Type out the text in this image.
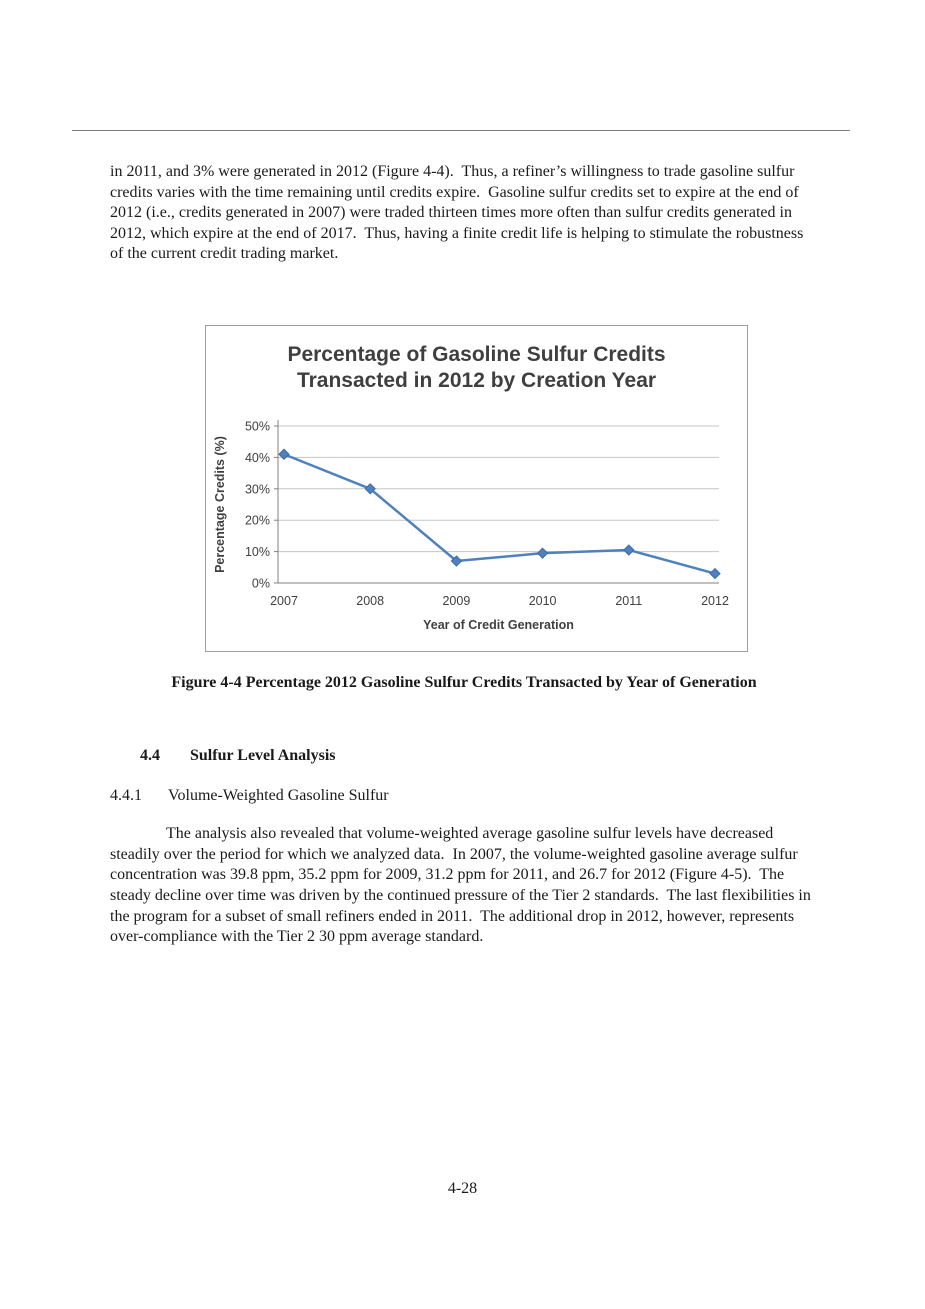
in 2011, and 3% were generated in 2012 (Figure 4-4).  Thus, a refiner’s willingness to trade gasoline sulfur credits varies with the time remaining until credits expire.  Gasoline sulfur credits set to expire at the end of 2012 (i.e., credits generated in 2007) were traded thirteen times more often than sulfur credits generated in 2012, which expire at the end of 2017.  Thus, having a finite credit life is helping to stimulate the robustness of the current credit trading market.

Percentage of Gasoline Sulfur Credits
Transacted in 2012 by Creation Year
0%
10%
20%
30%
40%
50%
2007	2008	2009	2010	2011	2012
Year of Credit Generation
Percentage Credits (%)

Figure 4-4 Percentage 2012 Gasoline Sulfur Credits Transacted by Year of Generation

4.4 Sulfur Level Analysis
4.4.1 Volume-Weighted Gasoline Sulfur

The analysis also revealed that volume-weighted average gasoline sulfur levels have decreased steadily over the period for which we analyzed data.  In 2007, the volume-weighted gasoline average sulfur concentration was 39.8 ppm, 35.2 ppm for 2009, 31.2 ppm for 2011, and 26.7 for 2012 (Figure 4-5).  The steady decline over time was driven by the continued pressure of the Tier 2 standards.  The last flexibilities in the program for a subset of small refiners ended in 2011.  The additional drop in 2012, however, represents over-compliance with the Tier 2 30 ppm average standard.

4-28
